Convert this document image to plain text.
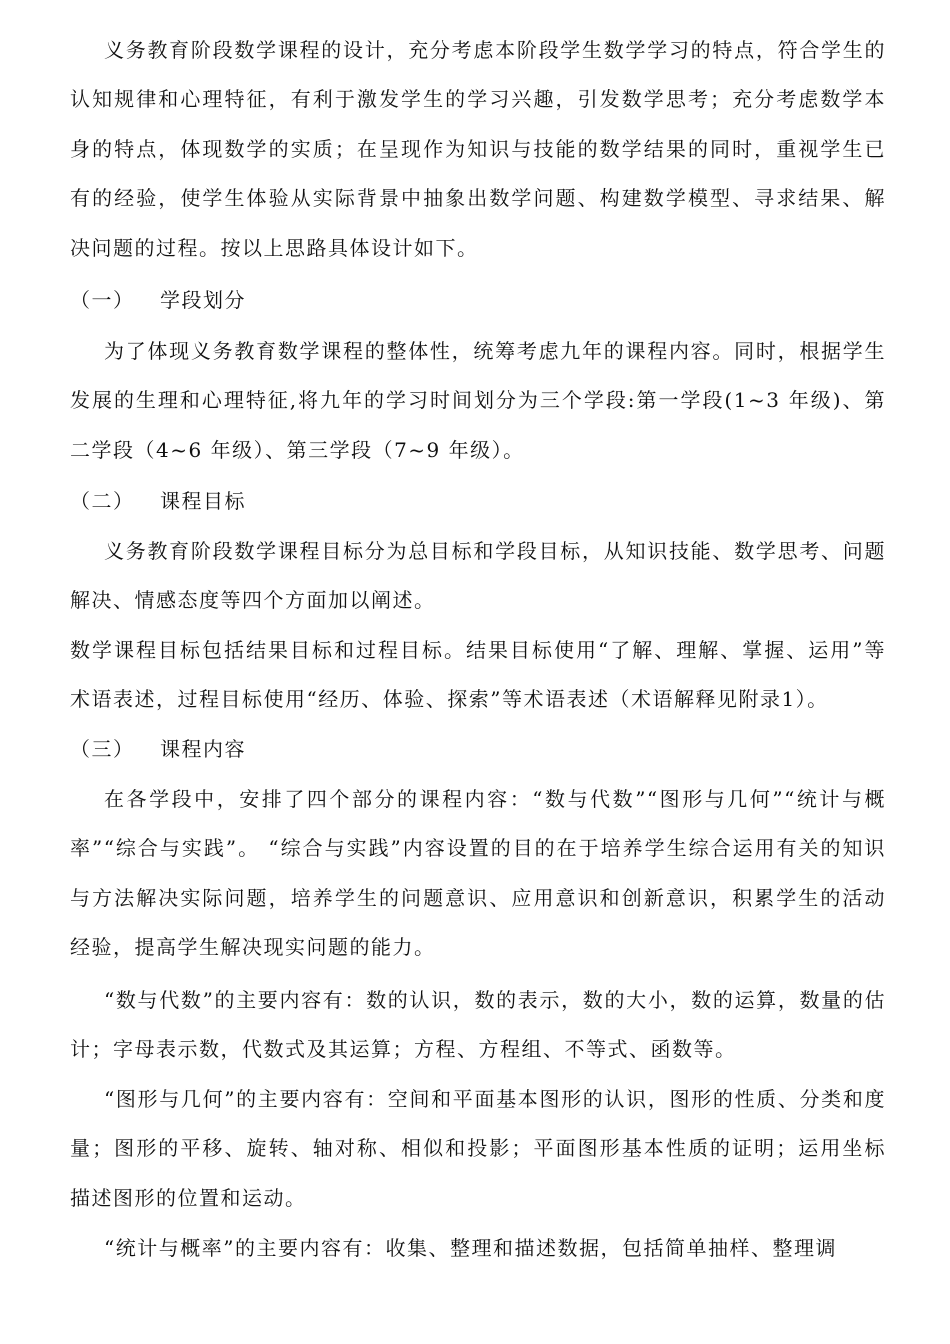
义务教育阶段数学课程的设计，充分考虑本阶段学生数学学习的特点，符合学生的认知规律和心理特征，有利于激发学生的学习兴趣，引发数学思考；充分考虑数学本身的特点，体现数学的实质；在呈现作为知识与技能的数学结果的同时，重视学生已有的经验，使学生体验从实际背景中抽象出数学问题、构建数学模型、寻求结果、解决问题的过程。按以上思路具体设计如下。

（一） 学段划分

为了体现义务教育数学课程的整体性，统筹考虑九年的课程内容。同时，根据学生发展的生理和心理特征,将九年的学习时间划分为三个学段:第一学段(1~3 年级)、第二学段（4~6 年级）、第三学段（7~9 年级）。

（二） 课程目标

义务教育阶段数学课程目标分为总目标和学段目标，从知识技能、数学思考、问题解决、情感态度等四个方面加以阐述。

数学课程目标包括结果目标和过程目标。结果目标使用“了解、理解、掌握、运用”等术语表述，过程目标使用“经历、体验、探索”等术语表述（术语解释见附录1）。

（三） 课程内容

在各学段中，安排了四个部分的课程内容：“数与代数”“图形与几何”“统计与概率”“综合与实践”。 “综合与实践”内容设置的目的在于培养学生综合运用有关的知识与方法解决实际问题，培养学生的问题意识、应用意识和创新意识，积累学生的活动经验，提高学生解决现实问题的能力。

“数与代数”的主要内容有：数的认识，数的表示，数的大小，数的运算，数量的估计；字母表示数，代数式及其运算；方程、方程组、不等式、函数等。

“图形与几何”的主要内容有：空间和平面基本图形的认识，图形的性质、分类和度量；图形的平移、旋转、轴对称、相似和投影；平面图形基本性质的证明；运用坐标描述图形的位置和运动。

“统计与概率”的主要内容有：收集、整理和描述数据，包括简单抽样、整理调
